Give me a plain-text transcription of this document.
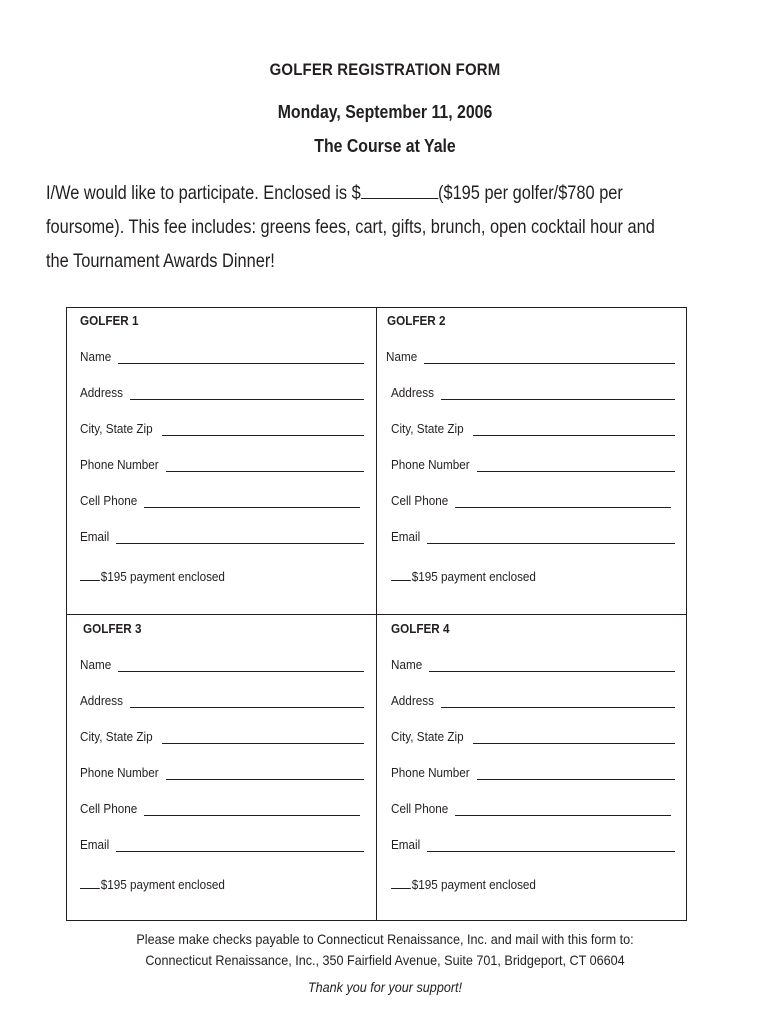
GOLFER REGISTRATION FORM
Monday, September 11, 2006
The Course at Yale
I/We would like to participate. Enclosed is $	($195 per golfer/$780 per
foursome). This fee includes: greens fees, cart, gifts, brunch, open cocktail hour and
the Tournament Awards Dinner!
GOLFER 1
Name
Address
City, State Zip
Phone Number
Cell Phone
Email
$195 payment enclosed
GOLFER 2
Name
Address
City, State Zip
Phone Number
Cell Phone
Email
$195 payment enclosed
GOLFER 3
Name
Address
City, State Zip
Phone Number
Cell Phone
Email
$195 payment enclosed
GOLFER 4
Name
Address
City, State Zip
Phone Number
Cell Phone
Email
$195 payment enclosed
Please make checks payable to Connecticut Renaissance, Inc. and mail with this form to:
Connecticut Renaissance, Inc., 350 Fairfield Avenue, Suite 701, Bridgeport, CT 06604
Thank you for your support!
